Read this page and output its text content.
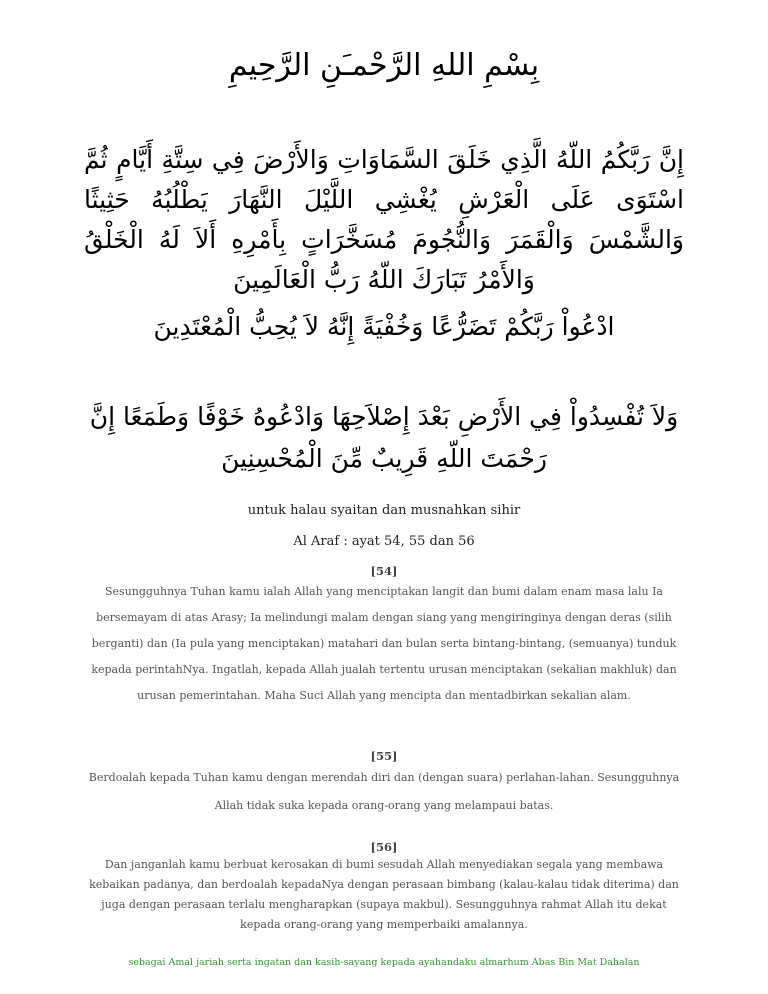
بِسْمِ اللهِ الرَّحْمـَنِ الرَّحِيمِ
إِنَّ رَبَّكُمُ اللّهُ الَّذِي خَلَقَ السَّمَاوَاتِ وَالأَرْضَ فِي سِتَّةِ أَيَّامٍ ثُمَّ اسْتَوَى عَلَى الْعَرْشِ يُغْشِي اللَّيْلَ النَّهَارَ يَطْلُبُهُ حَثِيثًا وَالشَّمْسَ وَالْقَمَرَ وَالنُّجُومَ مُسَخَّرَاتٍ بِأَمْرِهِ أَلاَ لَهُ الْخَلْقُ وَالأَمْرُ تَبَارَكَ اللّهُ رَبُّ الْعَالَمِينَ
ادْعُواْ رَبَّكُمْ تَضَرُّعًا وَخُفْيَةً إِنَّهُ لاَ يُحِبُّ الْمُعْتَدِينَ
وَلاَ تُفْسِدُواْ فِي الأَرْضِ بَعْدَ إِصْلاَحِهَا وَادْعُوهُ خَوْفًا وَطَمَعًا إِنَّ رَحْمَتَ اللّهِ قَرِيبٌ مِّنَ الْمُحْسِنِينَ
untuk halau syaitan dan musnahkan sihir
Al Araf : ayat 54, 55 dan 56
[54]
Sesungguhnya Tuhan kamu ialah Allah yang menciptakan langit dan bumi dalam enam masa lalu Ia bersemayam di atas Arasy; Ia melindungi malam dengan siang yang mengiringinya dengan deras (silih berganti) dan (Ia pula yang menciptakan) matahari dan bulan serta bintang-bintang, (semuanya) tunduk kepada perintahNya. Ingatlah, kepada Allah jualah tertentu urusan menciptakan (sekalian makhluk) dan urusan pemerintahan. Maha Suci Allah yang mencipta dan mentadbirkan sekalian alam.
[55]
Berdoalah kepada Tuhan kamu dengan merendah diri dan (dengan suara) perlahan-lahan. Sesungguhnya Allah tidak suka kepada orang-orang yang melampaui batas.
[56]
Dan janganlah kamu berbuat kerosakan di bumi sesudah Allah menyediakan segala yang membawa kebaikan padanya, dan berdoalah kepadaNya dengan perasaan bimbang (kalau-kalau tidak diterima) dan juga dengan perasaan terlalu mengharapkan (supaya makbul). Sesungguhnya rahmat Allah itu dekat kepada orang-orang yang memperbaiki amalannya.
sebagai Amal jariah serta ingatan dan kasih-sayang kepada ayahandaku almarhum Abas Bin Mat Dahalan
